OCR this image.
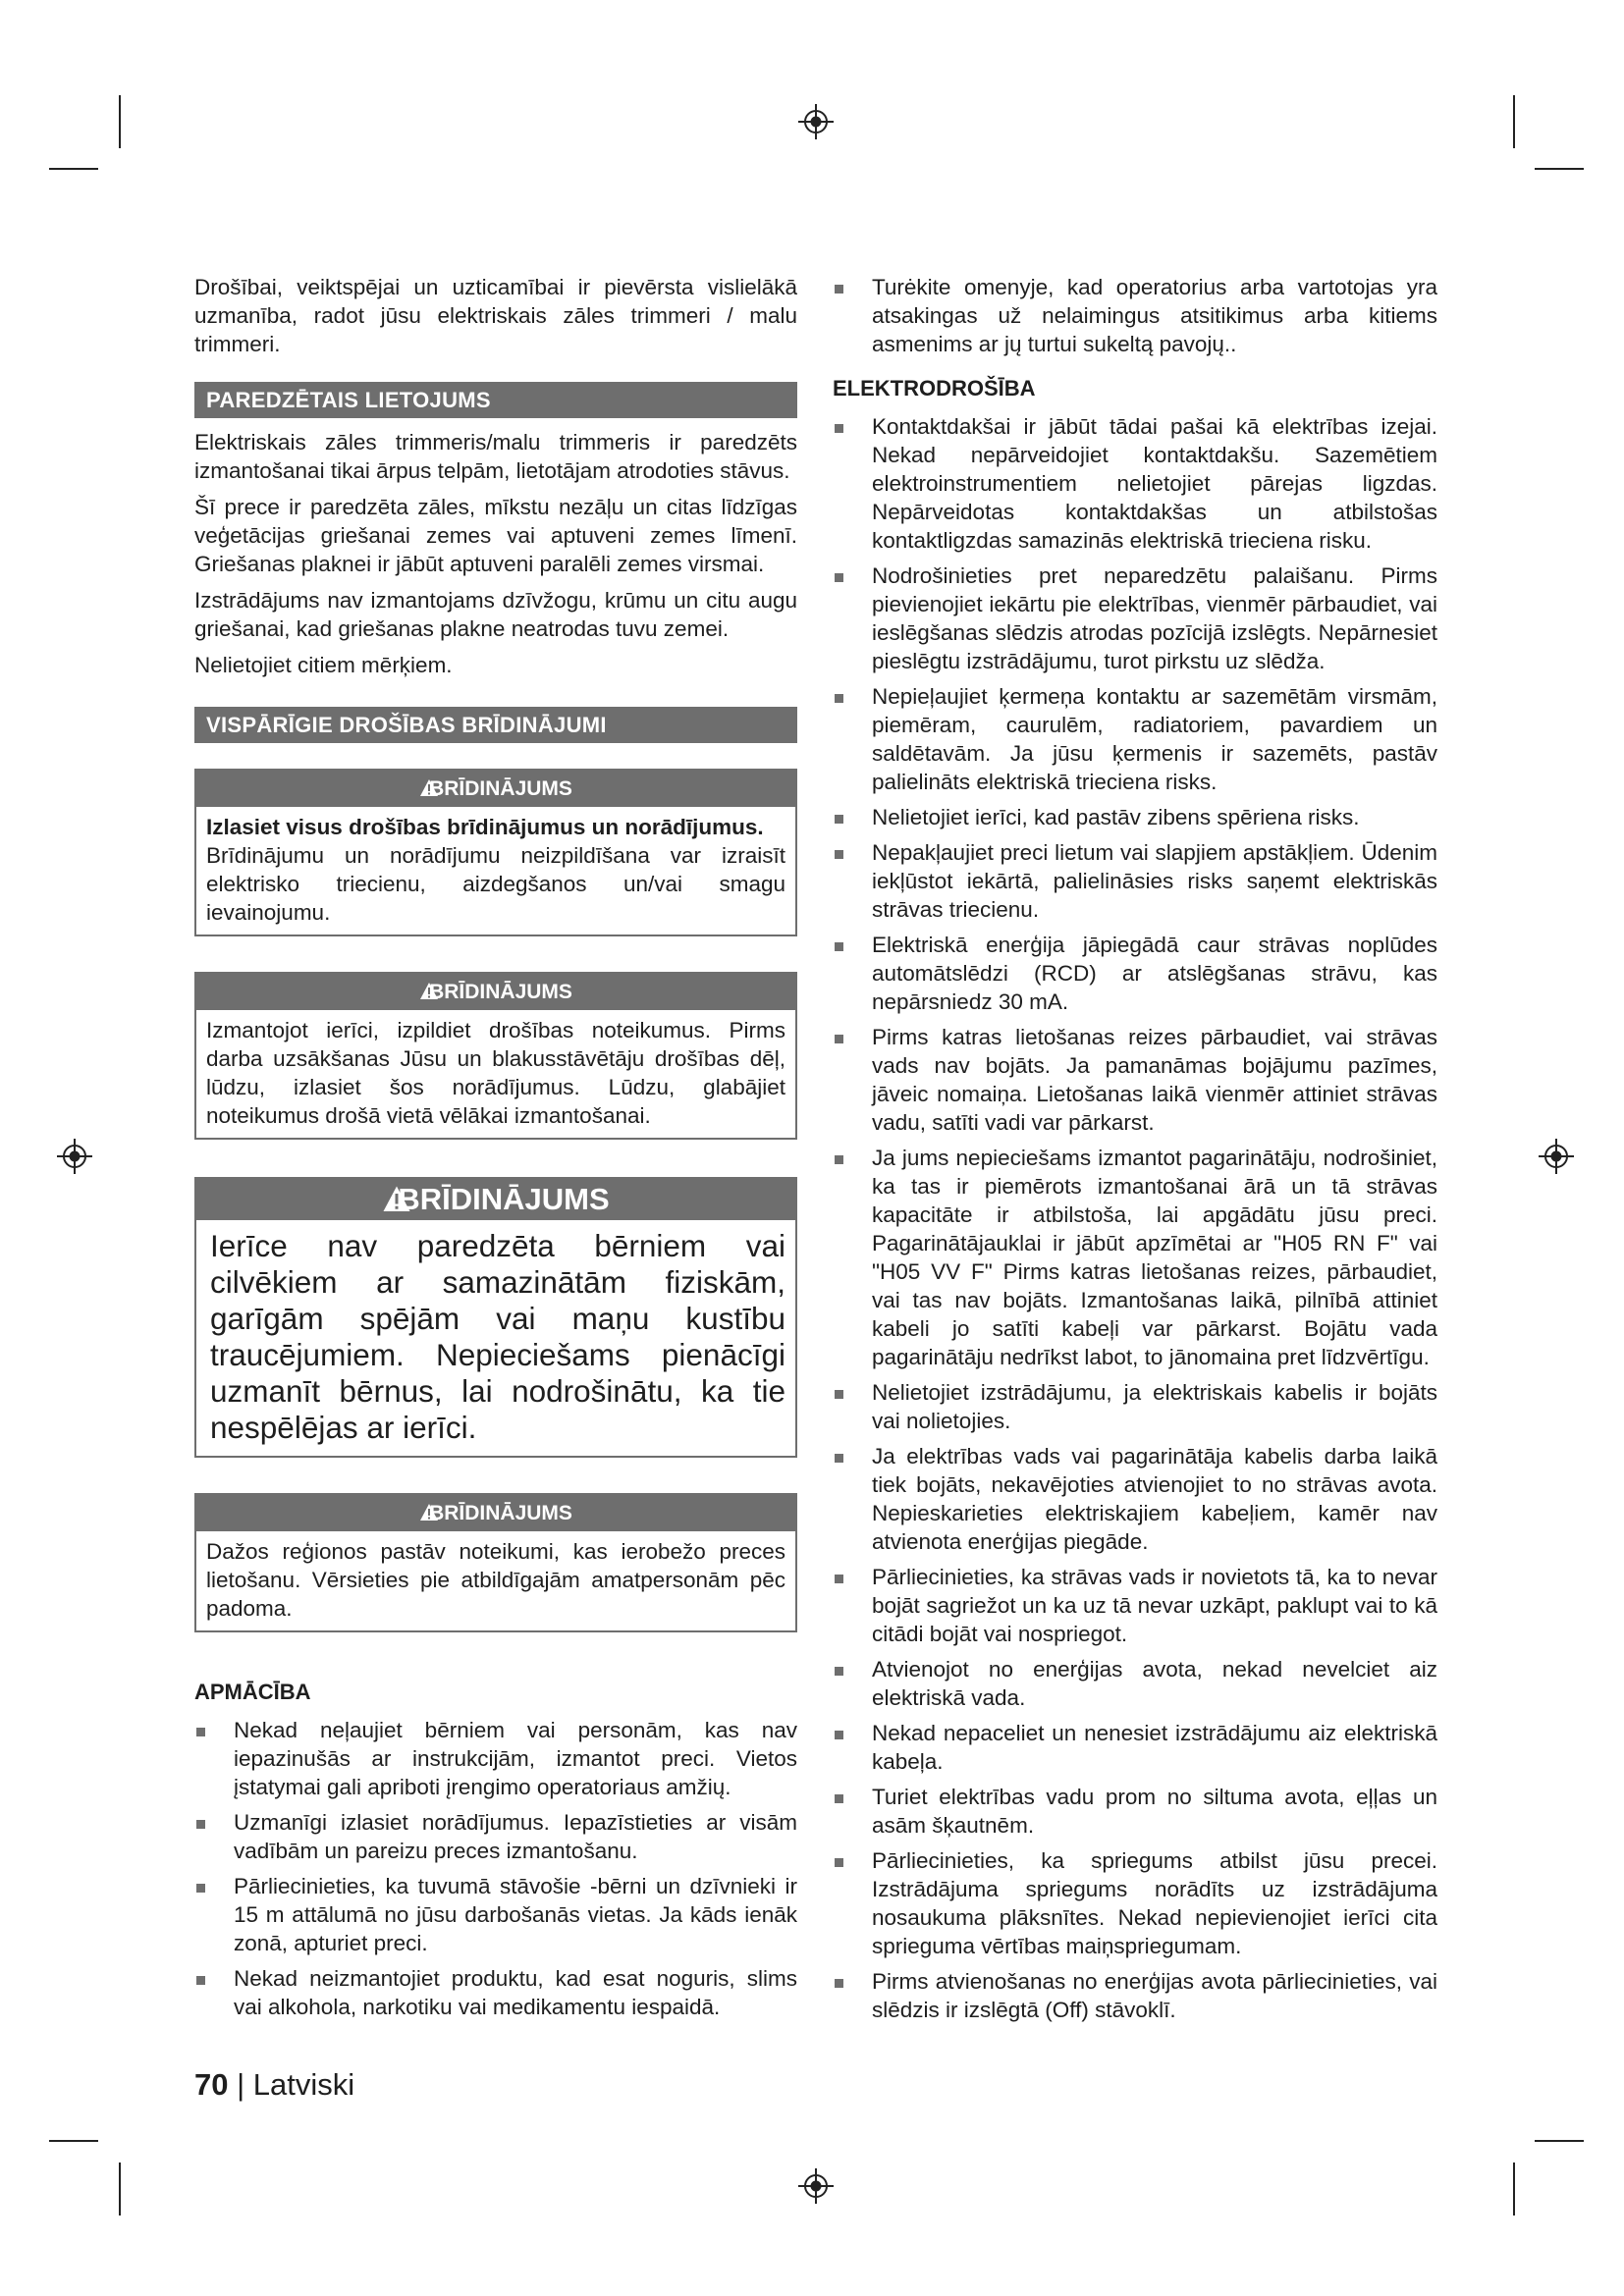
Drošībai, veiktspējai un uzticamībai ir pievērsta vislielākā uzmanība, radot jūsu elektriskais zāles trimmeri / malu trimmeri.

PAREDZĒTAIS LIETOJUMS

Elektriskais zāles trimmeris/malu trimmeris ir paredzēts izmantošanai tikai ārpus telpām, lietotājam atrodoties stāvus.

Šī prece ir paredzēta zāles, mīkstu nezāļu un citas līdzīgas veģetācijas griešanai zemes vai aptuveni zemes līmenī. Griešanas plaknei ir jābūt aptuveni paralēli zemes virsmai.

Izstrādājums nav izmantojams dzīvžogu, krūmu un citu augu griešanai, kad griešanas plakne neatrodas tuvu zemei.

Nelietojiet citiem mērķiem.

VISPĀRĪGIE DROŠĪBAS BRĪDINĀJUMI
BRĪDINĀJUMS
Izlasiet visus drošības brīdinājumus un norādījumus.
Brīdinājumu un norādījumu neizpildīšana var izraisīt elektrisko triecienu, aizdegšanos un/vai smagu ievainojumu.
BRĪDINĀJUMS
Izmantojot ierīci, izpildiet drošības noteikumus. Pirms darba uzsākšanas Jūsu un blakusstāvētāju drošības dēļ, lūdzu, izlasiet šos norādījumus. Lūdzu, glabājiet noteikumus drošā vietā vēlākai izmantošanai.
BRĪDINĀJUMS
Ierīce nav paredzēta bērniem vai cilvēkiem ar samazinātām fiziskām, garīgām spējām vai maņu kustību traucējumiem. Nepieciešams pienācīgi uzmanīt bērnus, lai nodrošinātu, ka tie nespēlējas ar ierīci.
BRĪDINĀJUMS
Dažos reģionos pastāv noteikumi, kas ierobežo preces lietošanu. Vērsieties pie atbildīgajām amatpersonām pēc padoma.
APMĀCĪBA
Nekad neļaujiet bērniem vai personām, kas nav iepazinušās ar instrukcijām, izmantot preci. Vietos įstatymai gali apriboti įrengimo operatoriaus amžių.
Uzmanīgi izlasiet norādījumus. Iepazīstieties ar visām vadībām un pareizu preces izmantošanu.
Pārliecinieties, ka tuvumā stāvošie -bērni un dzīvnieki ir 15 m attālumā no jūsu darbošanās vietas. Ja kāds ienāk zonā, apturiet preci.
Nekad neizmantojiet produktu, kad esat noguris, slims vai alkohola, narkotiku vai medikamentu iespaidā.
Turėkite omenyje, kad operatorius arba vartotojas yra atsakingas už nelaimingus atsitikimus arba kitiems asmenims ar jų turtui sukeltą pavojų..
ELEKTRODROŠĪBA
Kontaktdakšai ir jābūt tādai pašai kā elektrības izejai. Nekad nepārveidojiet kontaktdakšu. Sazemētiem elektroinstrumentiem nelietojiet pārejas ligzdas. Nepārveidotas kontaktdakšas un atbilstošas kontaktligzdas samazinās elektriskā trieciena risku.
Nodrošinieties pret neparedzētu palaišanu. Pirms pievienojiet iekārtu pie elektrības, vienmēr pārbaudiet, vai ieslēgšanas slēdzis atrodas pozīcijā izslēgts. Nepārnesiet pieslēgtu izstrādājumu, turot pirkstu uz slēdža.
Nepieļaujiet ķermeņa kontaktu ar sazemētām virsmām, piemēram, caurulēm, radiatoriem, pavardiem un saldētavām. Ja jūsu ķermenis ir sazemēts, pastāv palielināts elektriskā trieciena risks.
Nelietojiet ierīci, kad pastāv zibens spēriena risks.
Nepakļaujiet preci lietum vai slapjiem apstākļiem. Ūdenim iekļūstot iekārtā, palielināsies risks saņemt elektriskās strāvas triecienu.
Elektriskā enerģija jāpiegādā caur strāvas noplūdes automātslēdzi (RCD) ar atslēgšanas strāvu, kas nepārsniedz 30 mA.
Pirms katras lietošanas reizes pārbaudiet, vai strāvas vads nav bojāts. Ja pamanāmas bojājumu pazīmes, jāveic nomaiņa. Lietošanas laikā vienmēr attiniet strāvas vadu, satīti vadi var pārkarst.
Ja jums nepieciešams izmantot pagarinātāju, nodrošiniet, ka tas ir piemērots izmantošanai ārā un tā strāvas kapacitāte ir atbilstoša, lai apgādātu jūsu preci. Pagarinātājauklai ir jābūt apzīmētai ar "H05 RN F" vai "H05 VV F" Pirms katras lietošanas reizes, pārbaudiet, vai tas nav bojāts. Izmantošanas laikā, pilnībā attiniet kabeli jo satīti kabeļi var pārkarst. Bojātu vada pagarinātāju nedrīkst labot, to jānomaina pret līdzvērtīgu.
Nelietojiet izstrādājumu, ja elektriskais kabelis ir bojāts vai nolietojies.
Ja elektrības vads vai pagarinātāja kabelis darba laikā tiek bojāts, nekavējoties atvienojiet to no strāvas avota. Nepieskarieties elektriskajiem kabeļiem, kamēr nav atvienota enerģijas piegāde.
Pārliecinieties, ka strāvas vads ir novietots tā, ka to nevar bojāt sagriežot un ka uz tā nevar uzkāpt, paklupt vai to kā citādi bojāt vai nospriegot.
Atvienojot no enerģijas avota, nekad nevelciet aiz elektriskā vada.
Nekad nepaceliet un nenesiet izstrādājumu aiz elektriskā kabeļa.
Turiet elektrības vadu prom no siltuma avota, eļļas un asām šķautnēm.
Pārliecinieties, ka spriegums atbilst jūsu precei. Izstrādājuma spriegums norādīts uz izstrādājuma nosaukuma plāksnītes. Nekad nepievienojiet ierīci cita sprieguma vērtības maiņspriegumam.
Pirms atvienošanas no enerģijas avota pārliecinieties, vai slēdzis ir izslēgtā (Off) stāvoklī.
70 | Latviski
